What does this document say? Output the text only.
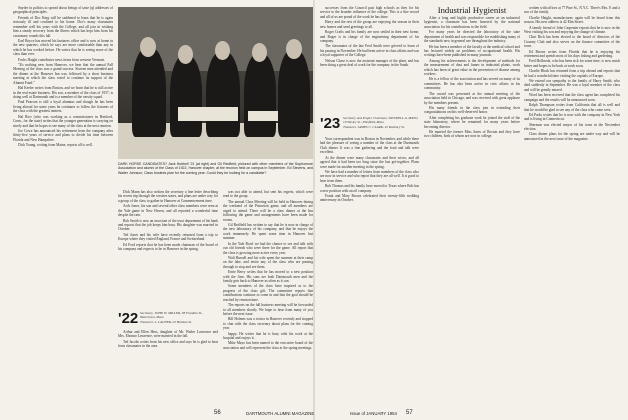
Snyder in politics to spread about beings of taste (q) addresses of geographical principles.

Friends of Doc King will be saddened to learn that he is again seriously ill and confined to his home. Doc's many classmates remember well his years with the College, and all join in wishing him a steady recovery from the illness which has kept him from his customary rounds this fall.

Earl Boyce has moved his business office and is now at home in the new quarters, which he says are more comfortable than any in which he has worked before. He writes that he is seeing more of the class than ever.

Fuchs Haight contributes news items from western Vermont.

"It's nothing new from Hanover, we hear that the annual Fall Meeting of the class was a grand success. Sixteen men attended and the dinner at the Hanover Inn was followed by a short business meeting at which the class voted to continue its support of the Alumni Fund."

Hal Keeler writes from Boston, and we learn that he is still active in the real estate business. His son, a member of the class of 1957, is doing well at Dartmouth and is a member of the varsity squad.

Paul Pearson is still a loyal alumnus and though he has been living abroad for some years he continues to follow the fortunes of the class with the greatest interest.

Hal Rice (who was working as a commissioner in Hartford, Conn., for the state) writes that the younger generation is carrying on nicely and that he hopes to see many of the class at the next reunion.

Joe Cowe has announced his retirement from the company after thirty-five years of service and plans to divide his time between Florida and New Hampshire.

Dick Young, writing from Maine, reports all is well.

DARK HORSE CANDIDATES? Jack Hubbell '21 (at right) and Gil Redfield, pictured with other members of the Sophomore Association and alumni of the Class of 1922, Hanover chapter, at the reunion held on campus in September. Ed Stevens, and Walter Johnson; Class trustees plan for the coming year. Could they be looking for a candidate?

Dick Mann has also written the secretary a fine letter describing his recent trip through the western states, and plans are under way for a group of the class to gather in Hanover at Commencement time.

Arch Jones, his son and several other class members were seen at the Yale game in New Haven, and all reported a wonderful time despite the rain.

Bob Smith is now an associate of the trust department of his bank and reports that the job keeps him busy. His daughter was married in October.

Ted Jones and his wife have recently returned from a trip to Europe where they visited England, France and Switzerland.

Ed Ford reports that he has been made chairman of the board of his company and expects to be in Hanover in the spring.

'22 Secretary, JOHN W. MILLER, 58 Franklin St., Watertown, Mass.
Treasurer, L. LAUNER, 23 Holman St.

Arthur and Ellen Hess, daughter of Mr. Walter Lawrence and Mrs. Eleanor Lawrence, were married in the fall.

Ted Jacobs writes from his new office and says he is glad to hear from classmates in the area.

was not able to attend, but sent his regrets, which were read to the group.

The annual Class Meeting will be held in Hanover during the weekend of the Princeton game, and all members are urged to attend. There will be a class dinner at the Inn following the game and arrangements have been made for rooms.

Gil Redfield has written to say that he is now in charge of the new laboratory of his company, and that he enjoys the work immensely. He spent some time in Hanover last summer.

In the Yale Bowl we had the chance to see and talk with our old friends who were there for the game. All report that the class is growing more active every year.

Walt Russell and his wife spent the summer at their camp on the lake, and invite any of the class who are passing through to stop and see them.

Ernie Berry writes that he has moved to a new position with the firm. His sons are both Dartmouth men and the family gets back to Hanover as often as it can.

Some members of the class have inquired as to the progress of the class gift. The committee reports that contributions continue to come in and that the goal should be reached by reunion time.

The reports on the fall business meeting will be forwarded to all members shortly. We hope to hear from many of you before the next issue.

Bill Holmes was a visitor in Hanover recently and stopped to chat with the class secretary about plans for the coming year.

happy. He writes that he is busy with his work at the hospital and enjoys it.

Mike Mayo has been named to the executive board of the association and will represent the class at the spring meetings.

successes from the Council past high schools as they for his service to the broader influence of the college. This is a fine record and all of us are proud of the work he has done.

Harry and the rest of the group are enjoying the season in their new homes and send greetings to all.

Roger Crafts and his family are now settled in their new home, and Roger is in charge of the engineering department of his company.

The classmates of the late Fred Smith were grieved to learn of his passing in November. He had been active in class affairs and was a loyal supporter of the College.

Nelson Chase is now the assistant manager of the plant, and has been doing a great deal of work for the company in the South.

'23 Secretary and Proper Chairman, WENDELL A. MAYO, 19 Wesley St., Pittsfield, Mass.
Treasurer, JAMES C. CLARK, 45 Roxbury St.

Your correspondent was in Boston in November, and while there had the pleasure of seeing a number of the class at the Dartmouth Club dinner. It was a fine gathering and the food and talk were excellent.

At the dinner were many classmates and their wives, and all agreed that it had been too long since the last get-together. Plans were made for another meeting in the spring.

We have had a number of letters from members of the class who are now in service and who report that they are all well. It is good to hear from them.

Bob Thomas and his family have moved to Texas where Bob has a new position with an oil company.

Frank and Mary Brown celebrated their twenty-fifth wedding anniversary in October.

Industrial Hygienist

After a long and highly productive career as an industrial hygienist, a classmate has been honored by the national association for his contributions to the field.

For many years he directed the laboratory of the state department of health and was responsible for establishing many of the standards now in general use throughout the industry.

He has been a member of the faculty at the medical school and has lectured widely on problems of occupational health. His writings have been published in many journals.

Among his achievements is the development of methods for the measurement of dust and fumes in industrial plants, work which has been of great value in the prevention of disease among workers.

He is a fellow of the association and has served on many of its committees. He has also been active in civic affairs in his community.

The award was presented at the annual meeting of the association held in Chicago, and was received with great applause by the members present.

His many friends in the class join in extending their congratulations on this well-deserved honor.

After completing his graduate work he joined the staff of the state laboratory, where he remained for many years before becoming director.

He married the former Miss Jones of Boston and they have two children, both of whom are now in college.

written with offices at 77 Pine St., N.Y.C. There's Mrs. E and a son of the family.

Charlie Haight, manufacturer, again will be heard from this season. His new address is 42 Elm Street.

A family friend of John Carpenter reports that he is now in the West visiting his son and enjoying the change of climate.

Clint Rich has been elected to the board of directors of the Country Club and also serves on the finance committee of the town.

Ed Brown writes from Florida that he is enjoying his retirement and spends most of his days fishing and gardening.

Fred Holbrook, who has been sick for some time, is now much better and hopes to be back at work soon.

Charlie Black has returned from a trip abroad and reports that he had a wonderful time visiting the capitals of Europe.

We extend our sympathy to the family of Harry Smith, who died suddenly in September. He was a loyal member of the class and will be greatly missed.

Word has been received that the class agent has completed his campaign and the results will be announced soon.

Ralph Thompson writes from California that all is well and that he would be glad to see any of the class who come west.

Ed Parks writes that he is now with the company in New York and is living in Connecticut.

Sherman was elected mayor of his town in the November election.

Class dinner plans for the spring are under way and will be announced in the next issue of the magazine.

56	DARTMOUTH ALUMNI MAGAZINE	Issue of JANUARY 1954 57
